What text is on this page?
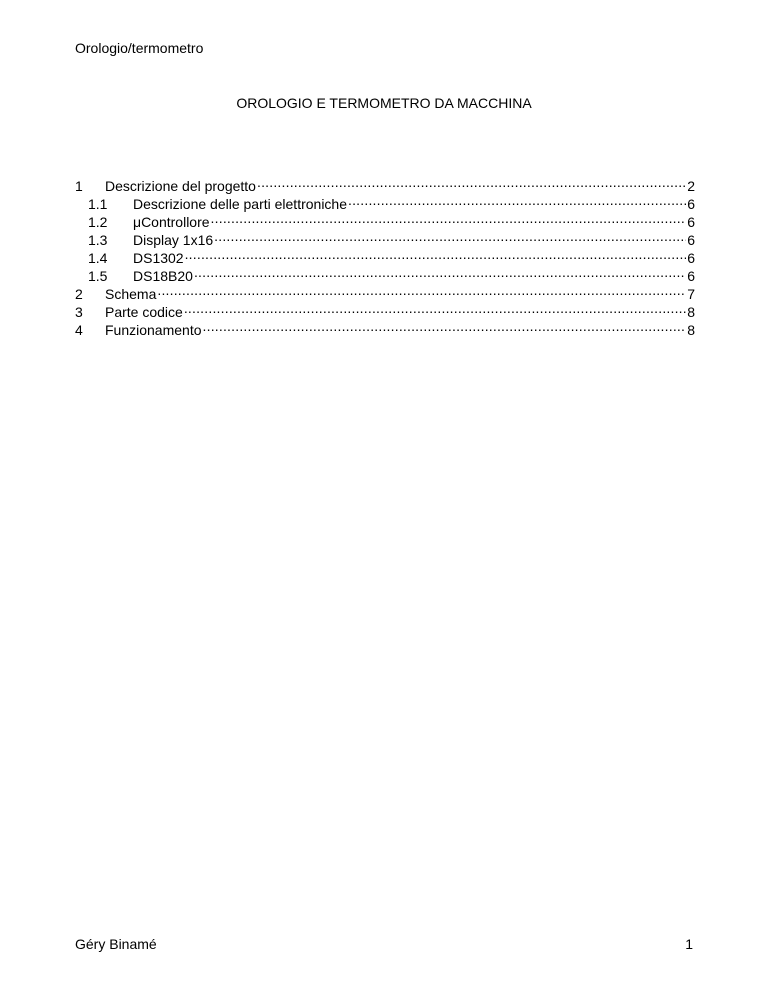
Orologio/termometro
OROLOGIO E TERMOMETRO DA MACCHINA
1	Descrizione del progetto .....	2
1.1	Descrizione delle parti elettroniche .....	6
1.2	μControllore .....	6
1.3	Display 1x16 .....	6
1.4	DS1302 .....	6
1.5	DS18B20 .....	6
2	Schema .....	7
3	Parte codice .....	8
4	Funzionamento .....	8
Géry Binamé	1
